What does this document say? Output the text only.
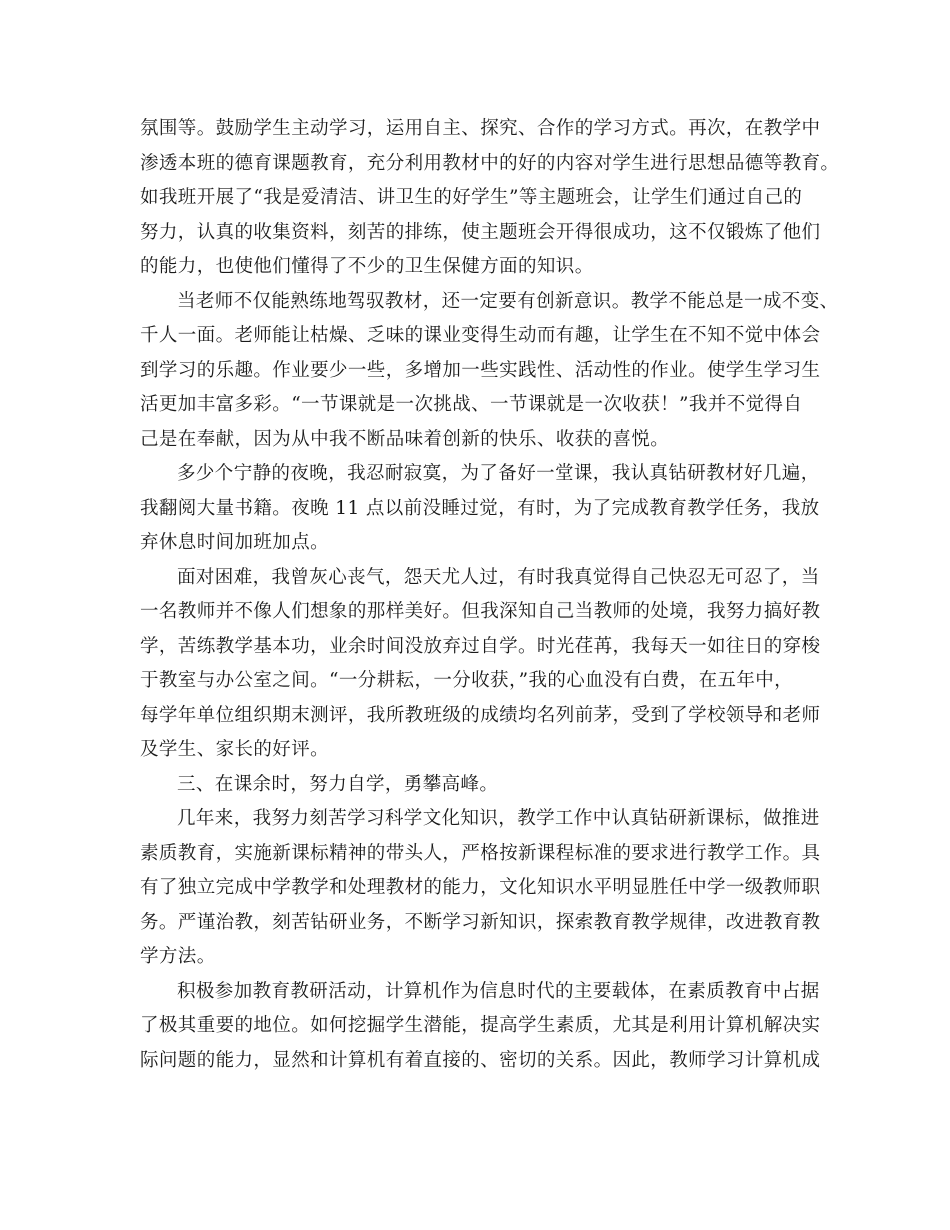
氛围等。鼓励学生主动学习，运用自主、探究、合作的学习方式。再次，在教学中
渗透本班的德育课题教育，充分利用教材中的好的内容对学生进行思想品德等教育。
如我班开展了“我是爱清洁、讲卫生的好学生”等主题班会，让学生们通过自己的
努力，认真的收集资料，刻苦的排练，使主题班会开得很成功，这不仅锻炼了他们
的能力，也使他们懂得了不少的卫生保健方面的知识。
当老师不仅能熟练地驾驭教材，还一定要有创新意识。教学不能总是一成不变、
千人一面。老师能让枯燥、乏味的课业变得生动而有趣，让学生在不知不觉中体会
到学习的乐趣。作业要少一些，多增加一些实践性、活动性的作业。使学生学习生
活更加丰富多彩。“一节课就是一次挑战、一节课就是一次收获！”我并不觉得自
己是在奉献，因为从中我不断品味着创新的快乐、收获的喜悦。
多少个宁静的夜晚，我忍耐寂寞，为了备好一堂课，我认真钻研教材好几遍，
我翻阅大量书籍。夜晚 11 点以前没睡过觉，有时，为了完成教育教学任务，我放
弃休息时间加班加点。
面对困难，我曾灰心丧气，怨天尤人过，有时我真觉得自己快忍无可忍了，当
一名教师并不像人们想象的那样美好。但我深知自己当教师的处境，我努力搞好教
学，苦练教学基本功，业余时间没放弃过自学。时光荏苒，我每天一如往日的穿梭
于教室与办公室之间。“一分耕耘，一分收获，”我的心血没有白费，在五年中，
每学年单位组织期末测评，我所教班级的成绩均名列前茅，受到了学校领导和老师
及学生、家长的好评。
三、在课余时，努力自学，勇攀高峰。
几年来，我努力刻苦学习科学文化知识，教学工作中认真钻研新课标，做推进
素质教育，实施新课标精神的带头人，严格按新课程标准的要求进行教学工作。具
有了独立完成中学教学和处理教材的能力，文化知识水平明显胜任中学一级教师职
务。严谨治教，刻苦钻研业务，不断学习新知识，探索教育教学规律，改进教育教
学方法。
积极参加教育教研活动，计算机作为信息时代的主要载体，在素质教育中占据
了极其重要的地位。如何挖掘学生潜能，提高学生素质，尤其是利用计算机解决实
际问题的能力，显然和计算机有着直接的、密切的关系。因此，教师学习计算机成
